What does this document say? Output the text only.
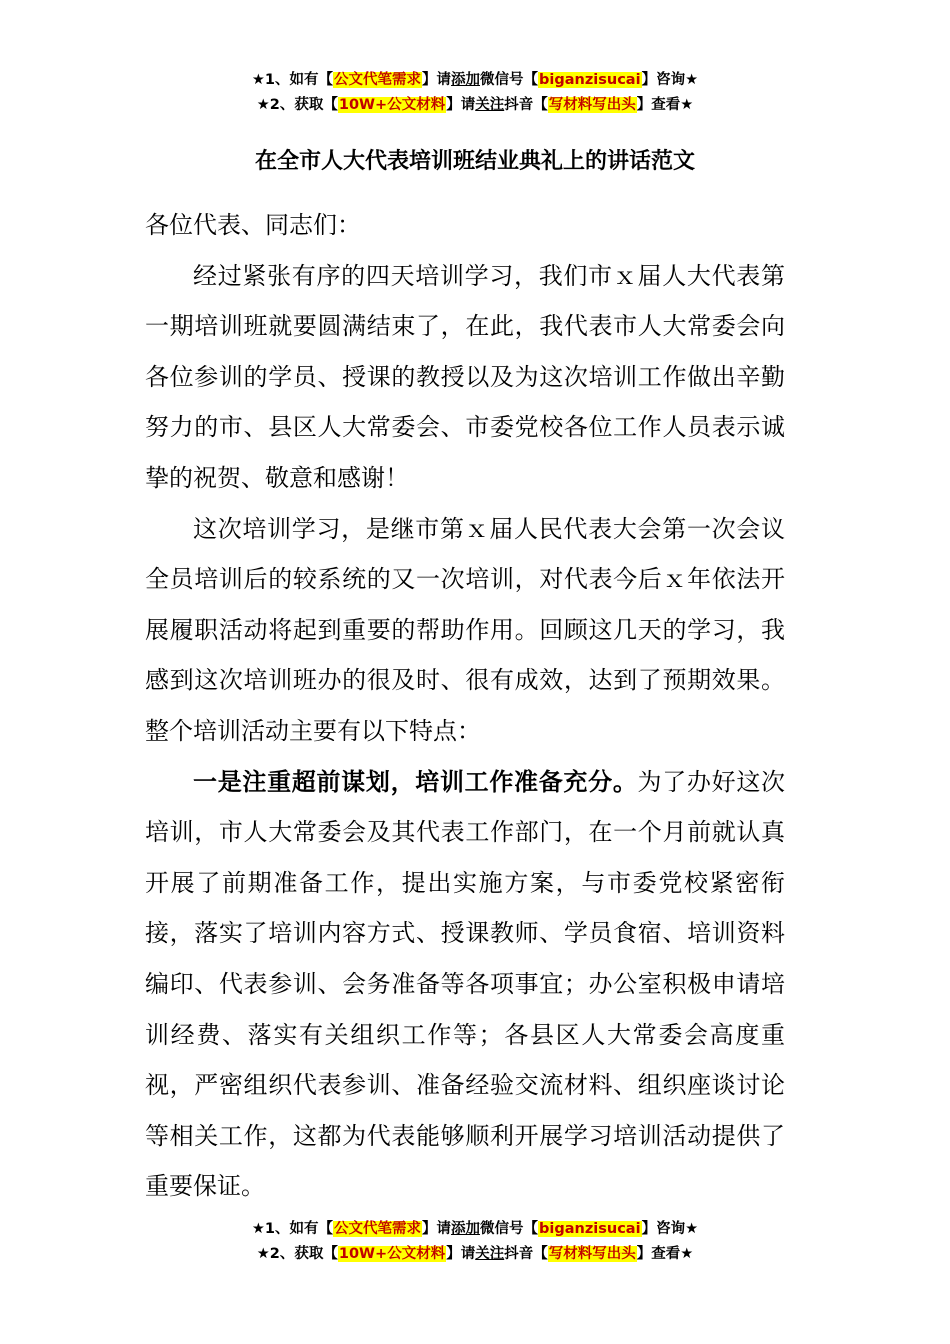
★1、如有【公文代笔需求】请添加微信号【biganzisucai】咨询★
★2、获取【10W+公文材料】请关注抖音【写材料写出头】查看★
在全市人大代表培训班结业典礼上的讲话范文

各位代表、同志们：

经过紧张有序的四天培训学习，我们市ｘ届人大代表第一期培训班就要圆满结束了，在此，我代表市人大常委会向各位参训的学员、授课的教授以及为这次培训工作做出辛勤努力的市、县区人大常委会、市委党校各位工作人员表示诚挚的祝贺、敬意和感谢！

这次培训学习，是继市第ｘ届人民代表大会第一次会议全员培训后的较系统的又一次培训，对代表今后ｘ年依法开展履职活动将起到重要的帮助作用。回顾这几天的学习，我感到这次培训班办的很及时、很有成效，达到了预期效果。整个培训活动主要有以下特点：

一是注重超前谋划，培训工作准备充分。为了办好这次培训，市人大常委会及其代表工作部门，在一个月前就认真开展了前期准备工作，提出实施方案，与市委党校紧密衔接，落实了培训内容方式、授课教师、学员食宿、培训资料编印、代表参训、会务准备等各项事宜；办公室积极申请培训经费、落实有关组织工作等；各县区人大常委会高度重视，严密组织代表参训、准备经验交流材料、组织座谈讨论等相关工作，这都为代表能够顺利开展学习培训活动提供了重要保证。

★1、如有【公文代笔需求】请添加微信号【biganzisucai】咨询★
★2、获取【10W+公文材料】请关注抖音【写材料写出头】查看★
